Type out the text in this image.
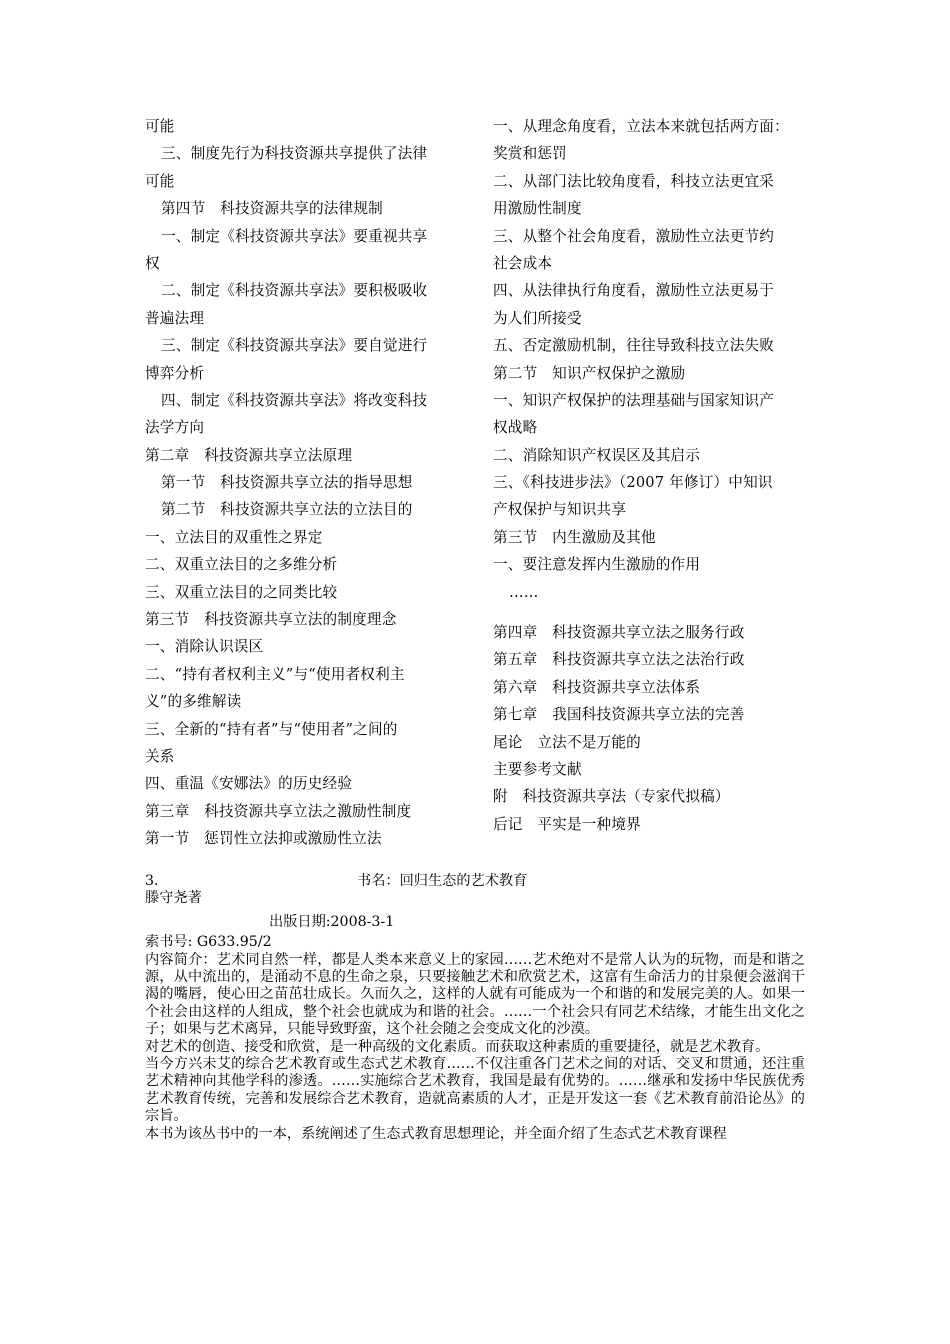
可能
三、制度先行为科技资源共享提供了法律
可能
第四节　科技资源共享的法律规制
一、制定《科技资源共享法》要重视共享
权
二、制定《科技资源共享法》要积极吸收
普遍法理
三、制定《科技资源共享法》要自觉进行
博弈分析
四、制定《科技资源共享法》将改变科技
法学方向
第二章　科技资源共享立法原理
第一节　科技资源共享立法的指导思想
第二节　科技资源共享立法的立法目的
一、立法目的双重性之界定
二、双重立法目的之多维分析
三、双重立法目的之同类比较
第三节　科技资源共享立法的制度理念
一、消除认识误区
二、“持有者权利主义”与“使用者权利主
义”的多维解读
三、全新的“持有者”与“使用者”之间的
关系
四、重温《安娜法》的历史经验
第三章　科技资源共享立法之激励性制度
第一节　惩罚性立法抑或激励性立法
一、从理念角度看，立法本来就包括两方面：
奖赏和惩罚
二、从部门法比较角度看，科技立法更宜采
用激励性制度
三、从整个社会角度看，激励性立法更节约
社会成本
四、从法律执行角度看，激励性立法更易于
为人们所接受
五、否定激励机制，往往导致科技立法失败
第二节　知识产权保护之激励
一、知识产权保护的法理基础与国家知识产
权战略
二、消除知识产权误区及其启示
三、《科技进步法》（2007 年修订）中知识
产权保护与知识共享
第三节　内生激励及其他
一、要注意发挥内生激励的作用
……
第四章　科技资源共享立法之服务行政
第五章　科技资源共享立法之法治行政
第六章　科技资源共享立法体系
第七章　我国科技资源共享立法的完善
尾论　立法不是万能的
主要参考文献
附　科技资源共享法（专家代拟稿）
后记　平实是一种境界
3．	书名：回归生态的艺术教育
滕守尧著
出版日期:2008-3-1
索书号: G633.95/2
内容简介：艺术同自然一样，都是人类本来意义上的家园……艺术绝对不是常人认为的玩物，而是和谐之源，从中流出的，是涌动不息的生命之泉，只要接触艺术和欣赏艺术，这富有生命活力的甘泉便会滋润干渴的嘴唇，使心田之苗茁壮成长。久而久之，这样的人就有可能成为一个和谐的和发展完美的人。如果一个社会由这样的人组成，整个社会也就成为和谐的社会。……一个社会只有同艺术结缘，才能生出文化之子；如果与艺术离异，只能导致野蛮，这个社会随之会变成文化的沙漠。
对艺术的创造、接受和欣赏，是一种高级的文化素质。而获取这种素质的重要捷径，就是艺术教育。
当今方兴未艾的综合艺术教育或生态式艺术教育……不仅注重各门艺术之间的对话、交叉和贯通，还注重艺术精神向其他学科的渗透。……实施综合艺术教育，我国是最有优势的。……继承和发扬中华民族优秀艺术教育传统，完善和发展综合艺术教育，造就高素质的人才，正是开发这一套《艺术教育前沿论丛》的宗旨。
本书为该丛书中的一本，系统阐述了生态式教育思想理论，并全面介绍了生态式艺术教育课程
